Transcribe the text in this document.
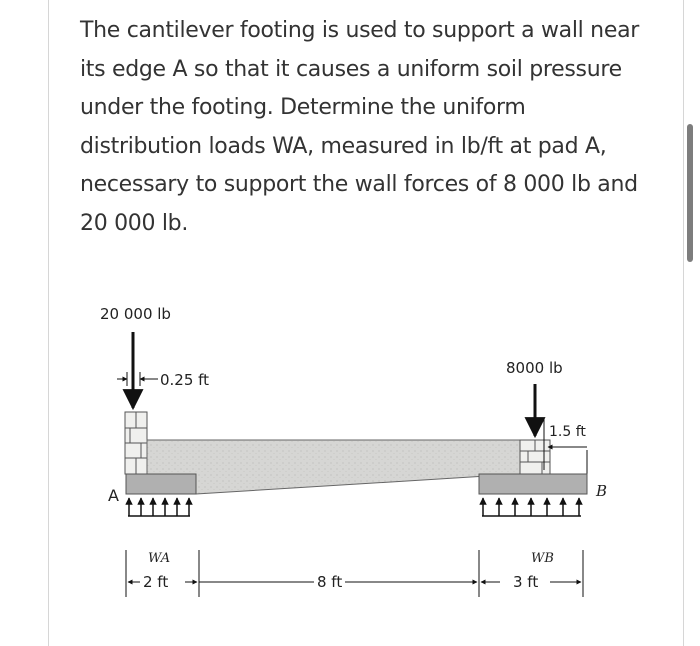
The cantilever footing is used to support a wall near

its edge A so that it causes a uniform soil pressure

under the footing. Determine the uniform

distribution loads WA, measured in lb/ft at pad A,

necessary to support the wall forces of 8 000 lb and

20 000 lb.

20 000 lb
8000 lb
0.25 ft
1.5 ft
A	B
WA	WB
2 ft	8 ft	3 ft
